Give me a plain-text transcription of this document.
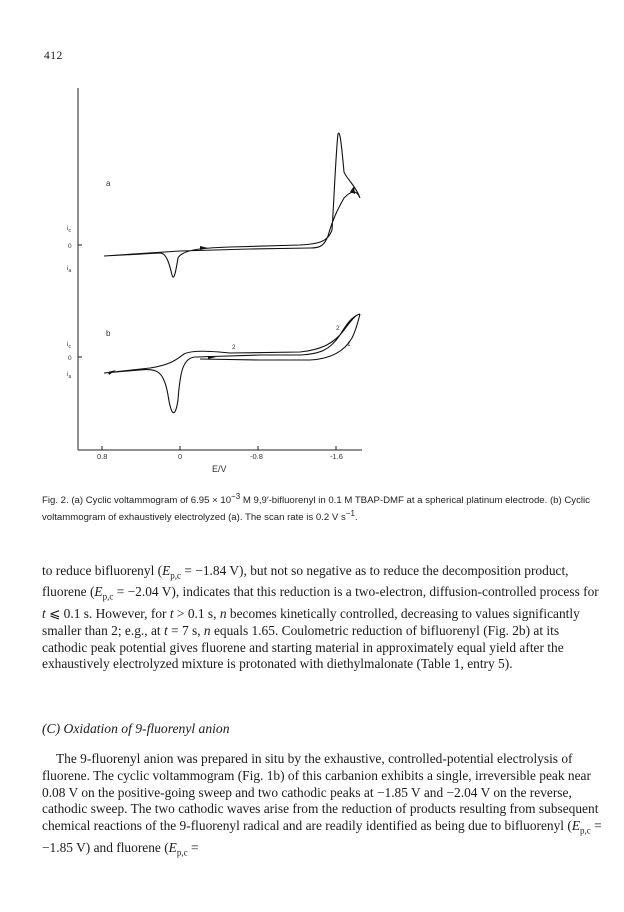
412
0.8	0	-0.8	-1.6
E/V
a
$i_c$
0
$i_a$
b
$i_c$
0
$i_a$
2
2
1
Fig. 2. (a) Cyclic voltammogram of $6.95 \times 10^{-3}$ M 9,9′-bifluorenyl in 0.1 M TBAP-DMF at a spherical platinum electrode. (b) Cyclic voltammogram of exhaustively electrolyzed (a). The scan rate is 0.2 V $s^{-1}$.
to reduce bifluorenyl ($E_{p,c} = -1.84$ V), but not so negative as to reduce the decomposition product, fluorene ($E_{p,c} = -2.04$ V), indicates that this reduction is a two-electron, diffusion-controlled process for t ⩽ 0.1 s. However, for t > 0.1 s, n becomes kinetically controlled, decreasing to values significantly smaller than 2; e.g., at t = 7 s, n equals 1.65. Coulometric reduction of bifluorenyl (Fig. 2b) at its cathodic peak potential gives fluorene and starting material in approximately equal yield after the exhaustively electrolyzed mixture is protonated with diethylmalonate (Table 1, entry 5).
(C) Oxidation of 9-fluorenyl anion
The 9-fluorenyl anion was prepared in situ by the exhaustive, controlled-potential electrolysis of fluorene. The cyclic voltammogram (Fig. 1b) of this carbanion exhibits a single, irreversible peak near 0.08 V on the positive-going sweep and two cathodic peaks at −1.85 V and −2.04 V on the reverse, cathodic sweep. The two cathodic waves arise from the reduction of products resulting from subsequent chemical reactions of the 9-fluorenyl radical and are readily identified as being due to bifluorenyl ($E_{p,c} = -1.85$ V) and fluorene ($E_{p,c}$ =
